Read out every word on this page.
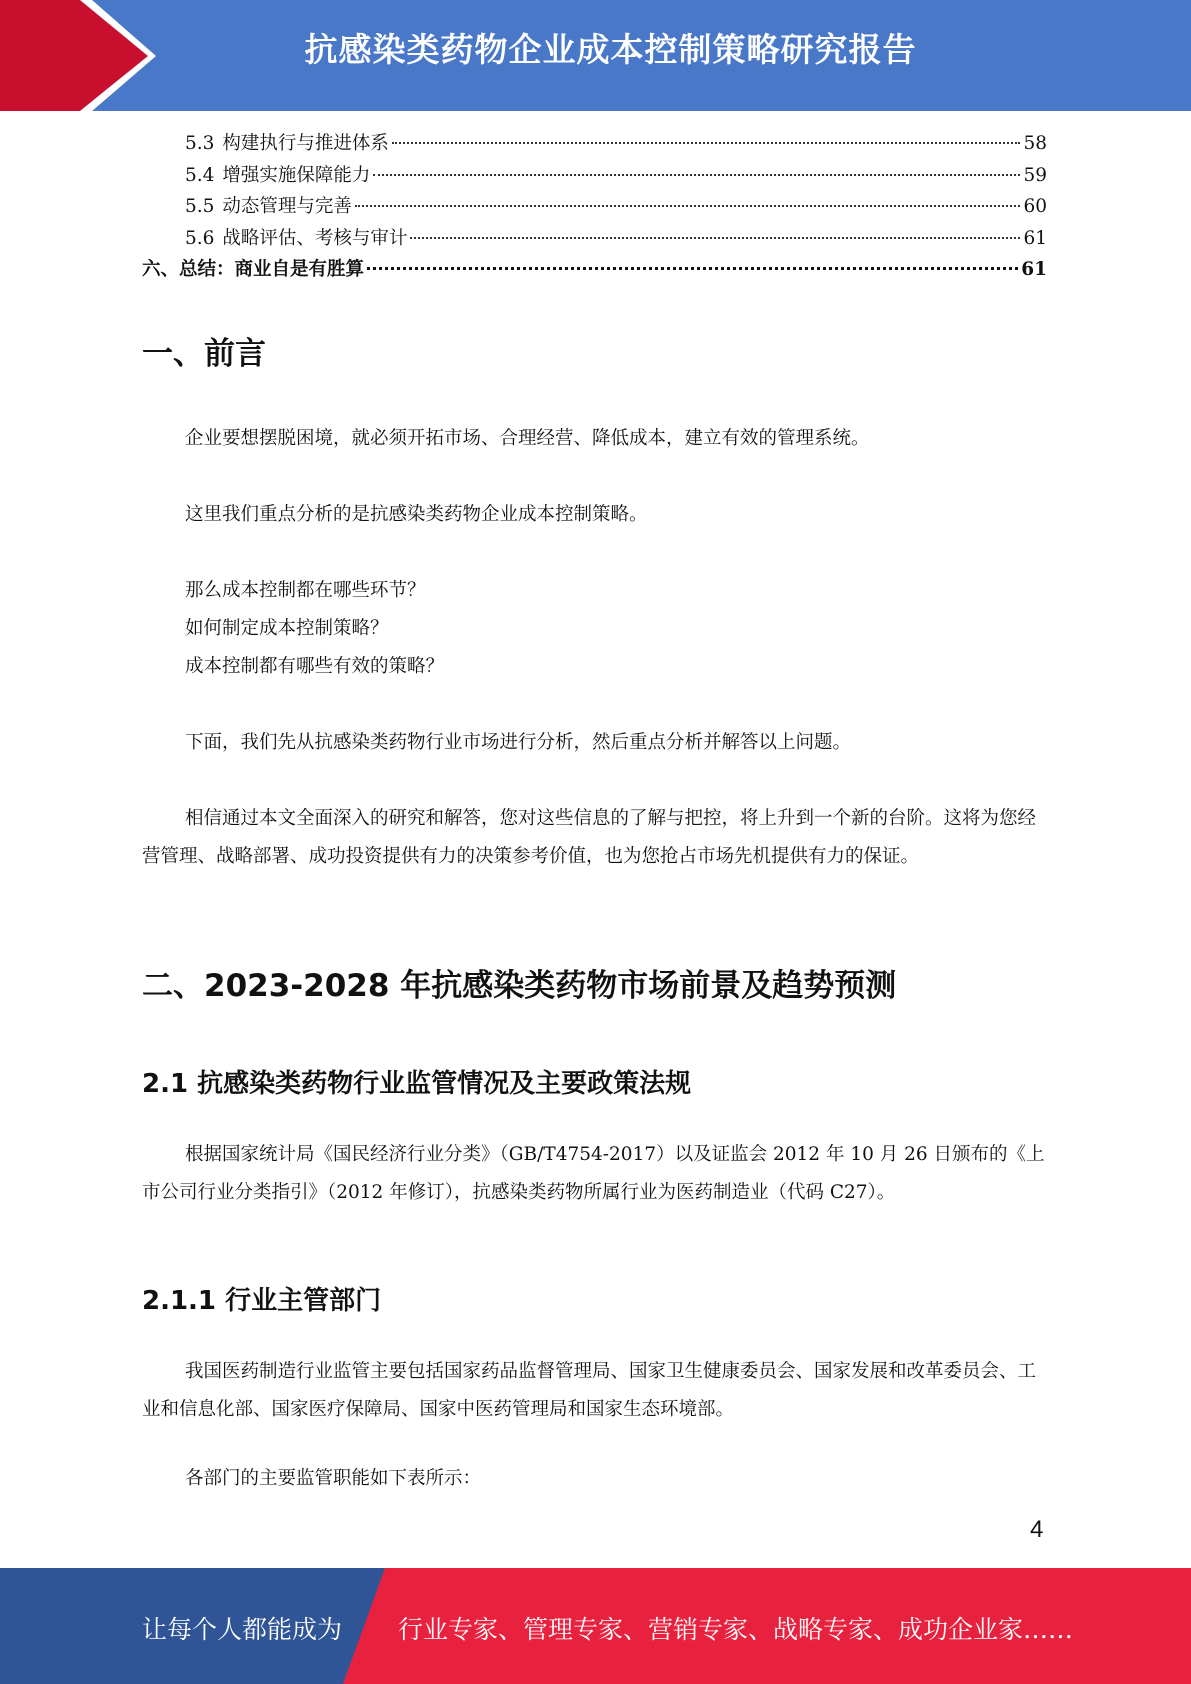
抗感染类药物企业成本控制策略研究报告
5.3 构建执行与推进体系	58
5.4 增强实施保障能力	59
5.5 动态管理与完善	60
5.6 战略评估、考核与审计	61
六、总结：商业自是有胜算	61
一、前言

企业要想摆脱困境，就必须开拓市场、合理经营、降低成本，建立有效的管理系统。

这里我们重点分析的是抗感染类药物企业成本控制策略。

那么成本控制都在哪些环节？

如何制定成本控制策略？

成本控制都有哪些有效的策略？

下面，我们先从抗感染类药物行业市场进行分析，然后重点分析并解答以上问题。

相信通过本文全面深入的研究和解答，您对这些信息的了解与把控，将上升到一个新的台阶。这将为您经营管理、战略部署、成功投资提供有力的决策参考价值，也为您抢占市场先机提供有力的保证。

二、2023-2028 年抗感染类药物市场前景及趋势预测
2.1 抗感染类药物行业监管情况及主要政策法规

根据国家统计局《国民经济行业分类》（GB/T4754-2017）以及证监会 2012 年 10 月 26 日颁布的《上市公司行业分类指引》（2012 年修订），抗感染类药物所属行业为医药制造业（代码 C27）。

2.1.1 行业主管部门

我国医药制造行业监管主要包括国家药品监督管理局、国家卫生健康委员会、国家发展和改革委员会、工业和信息化部、国家医疗保障局、国家中医药管理局和国家生态环境部。

各部门的主要监管职能如下表所示：

4
让每个人都能成为 行业专家、管理专家、营销专家、战略专家、成功企业家……
